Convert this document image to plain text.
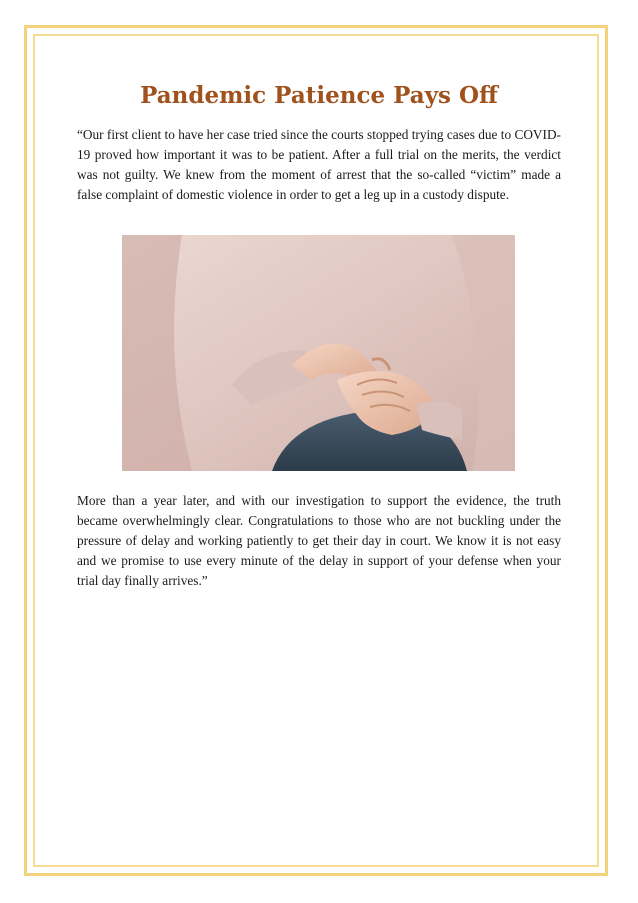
Pandemic Patience Pays Off

“Our first client to have her case tried since the courts stopped trying cases due to COVID-19 proved how important it was to be patient. After a full trial on the merits, the verdict was not guilty. We knew from the moment of arrest that the so-called “victim” made a false complaint of domestic violence in order to get a leg up in a custody dispute.

More than a year later, and with our investigation to support the evidence, the truth became overwhelmingly clear. Congratulations to those who are not buckling under the pressure of delay and working patiently to get their day in court. We know it is not easy and we promise to use every minute of the delay in support of your defense when your trial day finally arrives.”
